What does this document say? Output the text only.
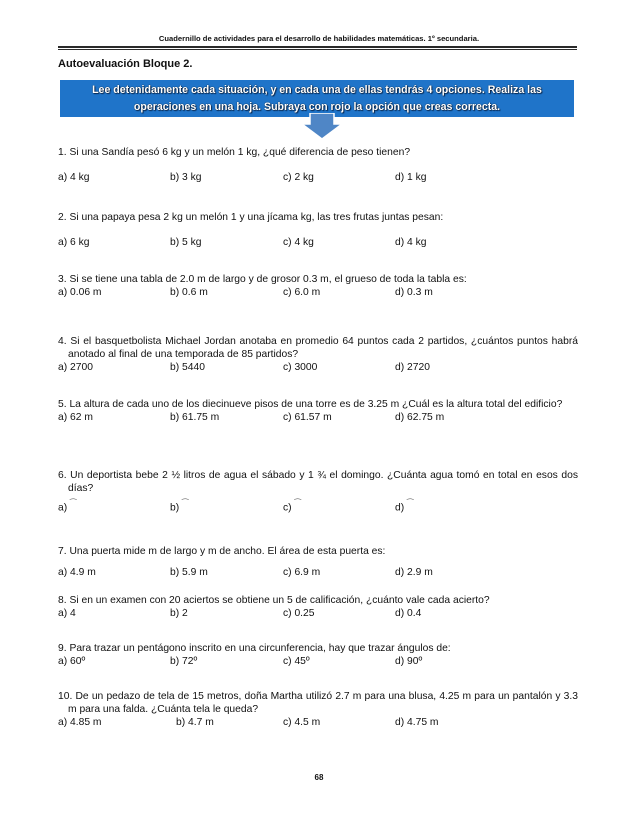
Cuadernillo de actividades para el desarrollo de habilidades matemáticas. 1º secundaria.
Autoevaluación Bloque 2.
Lee detenidamente cada situación, y en cada una de ellas tendrás 4 opciones. Realiza las
operaciones en una hoja. Subraya con rojo la opción que creas correcta.

1. Si una Sandía pesó 6 kg y un melón 1 kg, ¿qué diferencia de peso tienen?

a) 4 kg	b) 3 kg	c) 2 kg	d) 1 kg

2. Si una papaya pesa 2 kg un melón 1 y una jícama kg, las tres frutas juntas pesan:

a) 6 kg	b) 5 kg	c) 4 kg	d) 4 kg

3. Si se tiene una tabla de 2.0 m de largo y de grosor 0.3 m, el grueso de toda la tabla es:

a) 0.06 m	b) 0.6 m	c) 6.0 m	d) 0.3 m

4. Si el basquetbolista Michael Jordan anotaba en promedio 64 puntos cada 2 partidos, ¿cuántos puntos habrá anotado al final de una temporada de 85 partidos?

a) 2700	b) 5440	c) 3000	d) 2720

5. La altura de cada uno de los diecinueve pisos de una torre es de 3.25 m ¿Cuál es la altura total del edificio?

a) 62 m	b) 61.75 m	c) 61.57 m	d) 62.75 m

6. Un deportista bebe 2 ½ litros de agua el sábado y 1 ¾ el domingo. ¿Cuánta agua tomó en total en esos dos días?

a) ⁀	b) ⁀	c) ⁀	d) ⁀

7. Una puerta mide m de largo y m de ancho. El área de esta puerta es:

a) 4.9 m	b) 5.9 m	c) 6.9 m	d) 2.9 m

8. Si en un examen con 20 aciertos se obtiene un 5 de calificación, ¿cuánto vale cada acierto?

a) 4	b) 2	c) 0.25	d) 0.4

9. Para trazar un pentágono inscrito en una circunferencia, hay que trazar ángulos de:

a) 60º	b) 72º	c) 45º	d) 90º

10. De un pedazo de tela de 15 metros, doña Martha utilizó 2.7 m para una blusa, 4.25 m para un pantalón y 3.3 m para una falda. ¿Cuánta tela le queda?

a) 4.85 m	b) 4.7 m	c) 4.5 m	d) 4.75 m
68
